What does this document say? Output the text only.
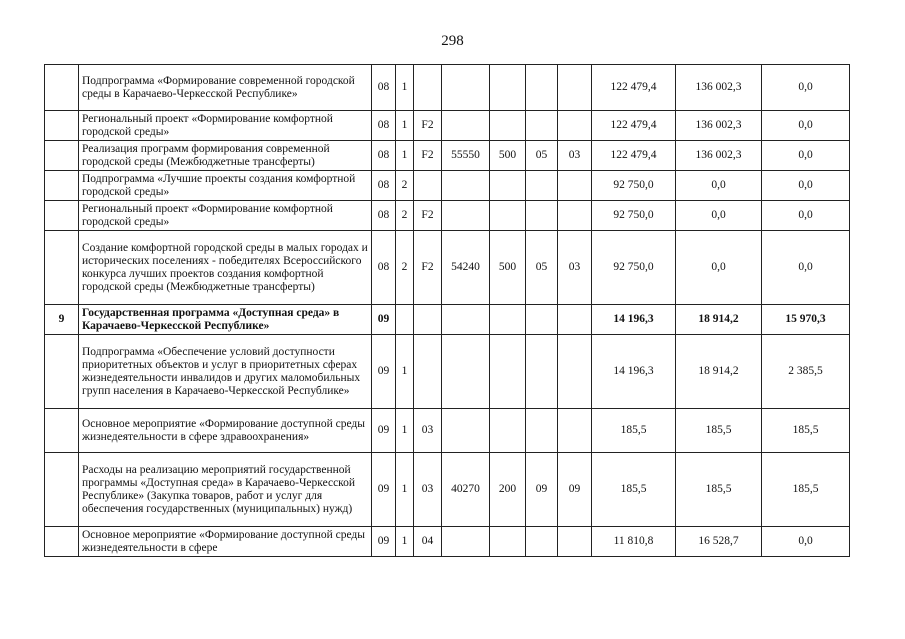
298
	Подпрограмма «Формирование современной городской среды в Карачаево-Черкесской Республике»	08	1						122 479,4	136 002,3	0,0
	Региональный проект «Формирование комфортной городской среды»	08	1	F2					122 479,4	136 002,3	0,0
	Реализация программ формирования современной городской среды (Межбюджетные трансферты)	08	1	F2	55550	500	05	03	122 479,4	136 002,3	0,0
	Подпрограмма «Лучшие проекты создания комфортной городской среды»	08	2						92 750,0	0,0	0,0
	Региональный проект «Формирование комфортной городской среды»	08	2	F2					92 750,0	0,0	0,0
	Создание комфортной городской среды в малых городах и исторических поселениях - победителях Всероссийского конкурса лучших проектов создания комфортной городской среды (Межбюджетные трансферты)	08	2	F2	54240	500	05	03	92 750,0	0,0	0,0
9	Государственная программа «Доступная среда» в Карачаево-Черкесской Республике»	09							14 196,3	18 914,2	15 970,3
	Подпрограмма «Обеспечение условий доступности приоритетных объектов и услуг в приоритетных сферах жизнедеятельности инвалидов и других маломобильных групп населения в Карачаево-Черкесской Республике»	09	1						14 196,3	18 914,2	2 385,5
	Основное мероприятие «Формирование доступной среды жизнедеятельности в сфере здравоохранения»	09	1	03					185,5	185,5	185,5
	Расходы на реализацию мероприятий государственной программы «Доступная среда» в Карачаево-Черкесской Республике» (Закупка товаров, работ и услуг для обеспечения государственных (муниципальных) нужд)	09	1	03	40270	200	09	09	185,5	185,5	185,5
	Основное мероприятие «Формирование доступной среды жизнедеятельности в сфере	09	1	04					11 810,8	16 528,7	0,0
